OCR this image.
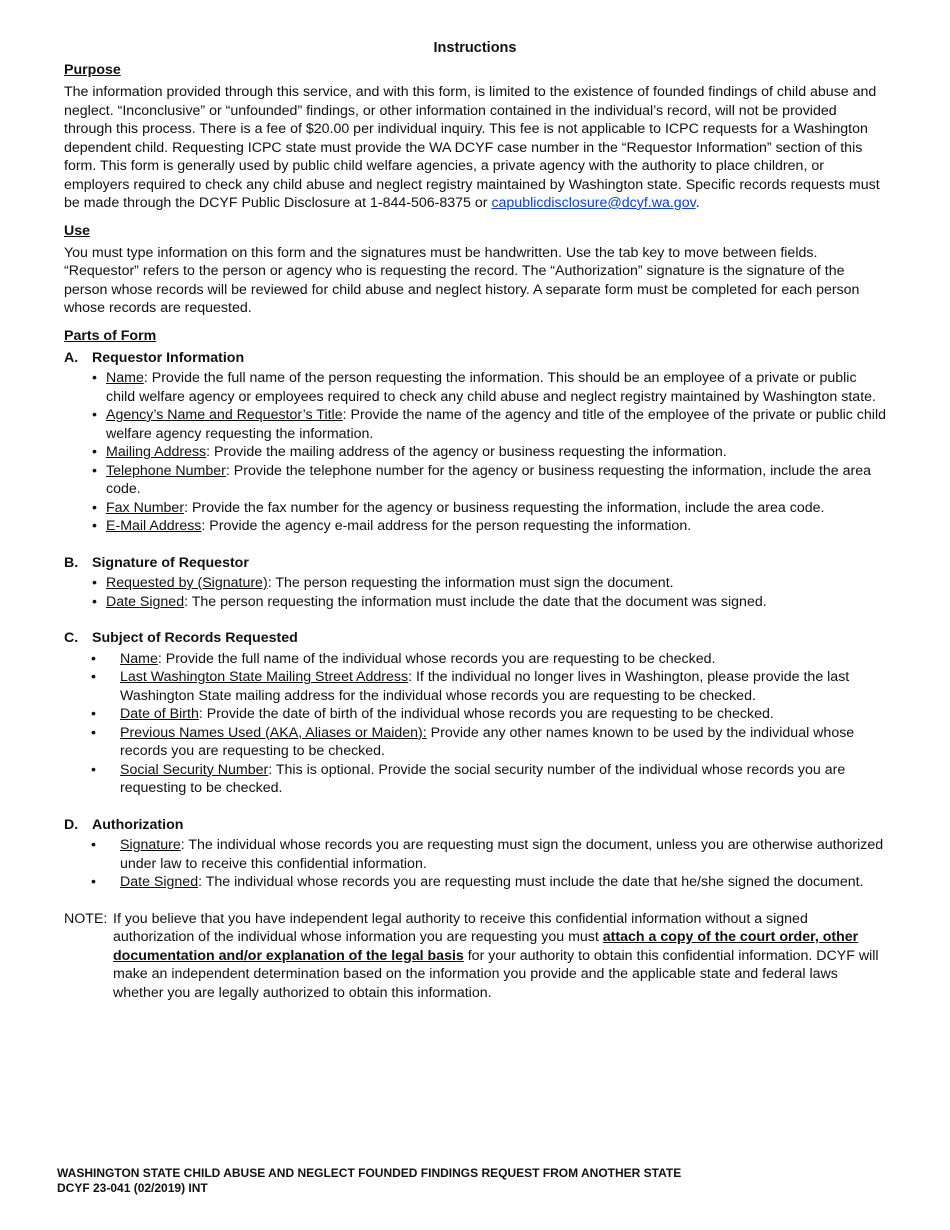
Instructions
Purpose

The information provided through this service, and with this form, is limited to the existence of founded findings of child abuse and neglect. “Inconclusive” or “unfounded” findings, or other information contained in the individual’s record, will not be provided through this process. There is a fee of $20.00 per individual inquiry. This fee is not applicable to ICPC requests for a Washington dependent child. Requesting ICPC state must provide the WA DCYF case number in the “Requestor Information” section of this form. This form is generally used by public child welfare agencies, a private agency with the authority to place children, or employers required to check any child abuse and neglect registry maintained by Washington state. Specific records requests must be made through the DCYF Public Disclosure at 1-844-506-8375 or capublicdisclosure@dcyf.wa.gov.

Use

You must type information on this form and the signatures must be handwritten. Use the tab key to move between fields. “Requestor” refers to the person or agency who is requesting the record. The “Authorization” signature is the signature of the person whose records will be reviewed for child abuse and neglect history. A separate form must be completed for each person whose records are requested.

Parts of Form
A. Requestor Information
• Name: Provide the full name of the person requesting the information. This should be an employee of a private or public child welfare agency or employees required to check any child abuse and neglect registry maintained by Washington state.
• Agency’s Name and Requestor’s Title: Provide the name of the agency and title of the employee of the private or public child welfare agency requesting the information.
• Mailing Address: Provide the mailing address of the agency or business requesting the information.
• Telephone Number: Provide the telephone number for the agency or business requesting the information, include the area code.
• Fax Number: Provide the fax number for the agency or business requesting the information, include the area code.
• E-Mail Address: Provide the agency e-mail address for the person requesting the information.
B. Signature of Requestor
• Requested by (Signature): The person requesting the information must sign the document.
• Date Signed: The person requesting the information must include the date that the document was signed.
C. Subject of Records Requested
• Name: Provide the full name of the individual whose records you are requesting to be checked.
• Last Washington State Mailing Street Address: If the individual no longer lives in Washington, please provide the last Washington State mailing address for the individual whose records you are requesting to be checked.
• Date of Birth: Provide the date of birth of the individual whose records you are requesting to be checked.
• Previous Names Used (AKA, Aliases or Maiden): Provide any other names known to be used by the individual whose records you are requesting to be checked.
• Social Security Number: This is optional. Provide the social security number of the individual whose records you are requesting to be checked.
D. Authorization
• Signature: The individual whose records you are requesting must sign the document, unless you are otherwise authorized under law to receive this confidential information.
• Date Signed: The individual whose records you are requesting must include the date that he/she signed the document.
NOTE: If you believe that you have independent legal authority to receive this confidential information without a signed authorization of the individual whose information you are requesting you must attach a copy of the court order, other documentation and/or explanation of the legal basis for your authority to obtain this confidential information. DCYF will make an independent determination based on the information you provide and the applicable state and federal laws whether you are legally authorized to obtain this information.
WASHINGTON STATE CHILD ABUSE AND NEGLECT FOUNDED FINDINGS REQUEST FROM ANOTHER STATE
DCYF 23-041 (02/2019) INT
